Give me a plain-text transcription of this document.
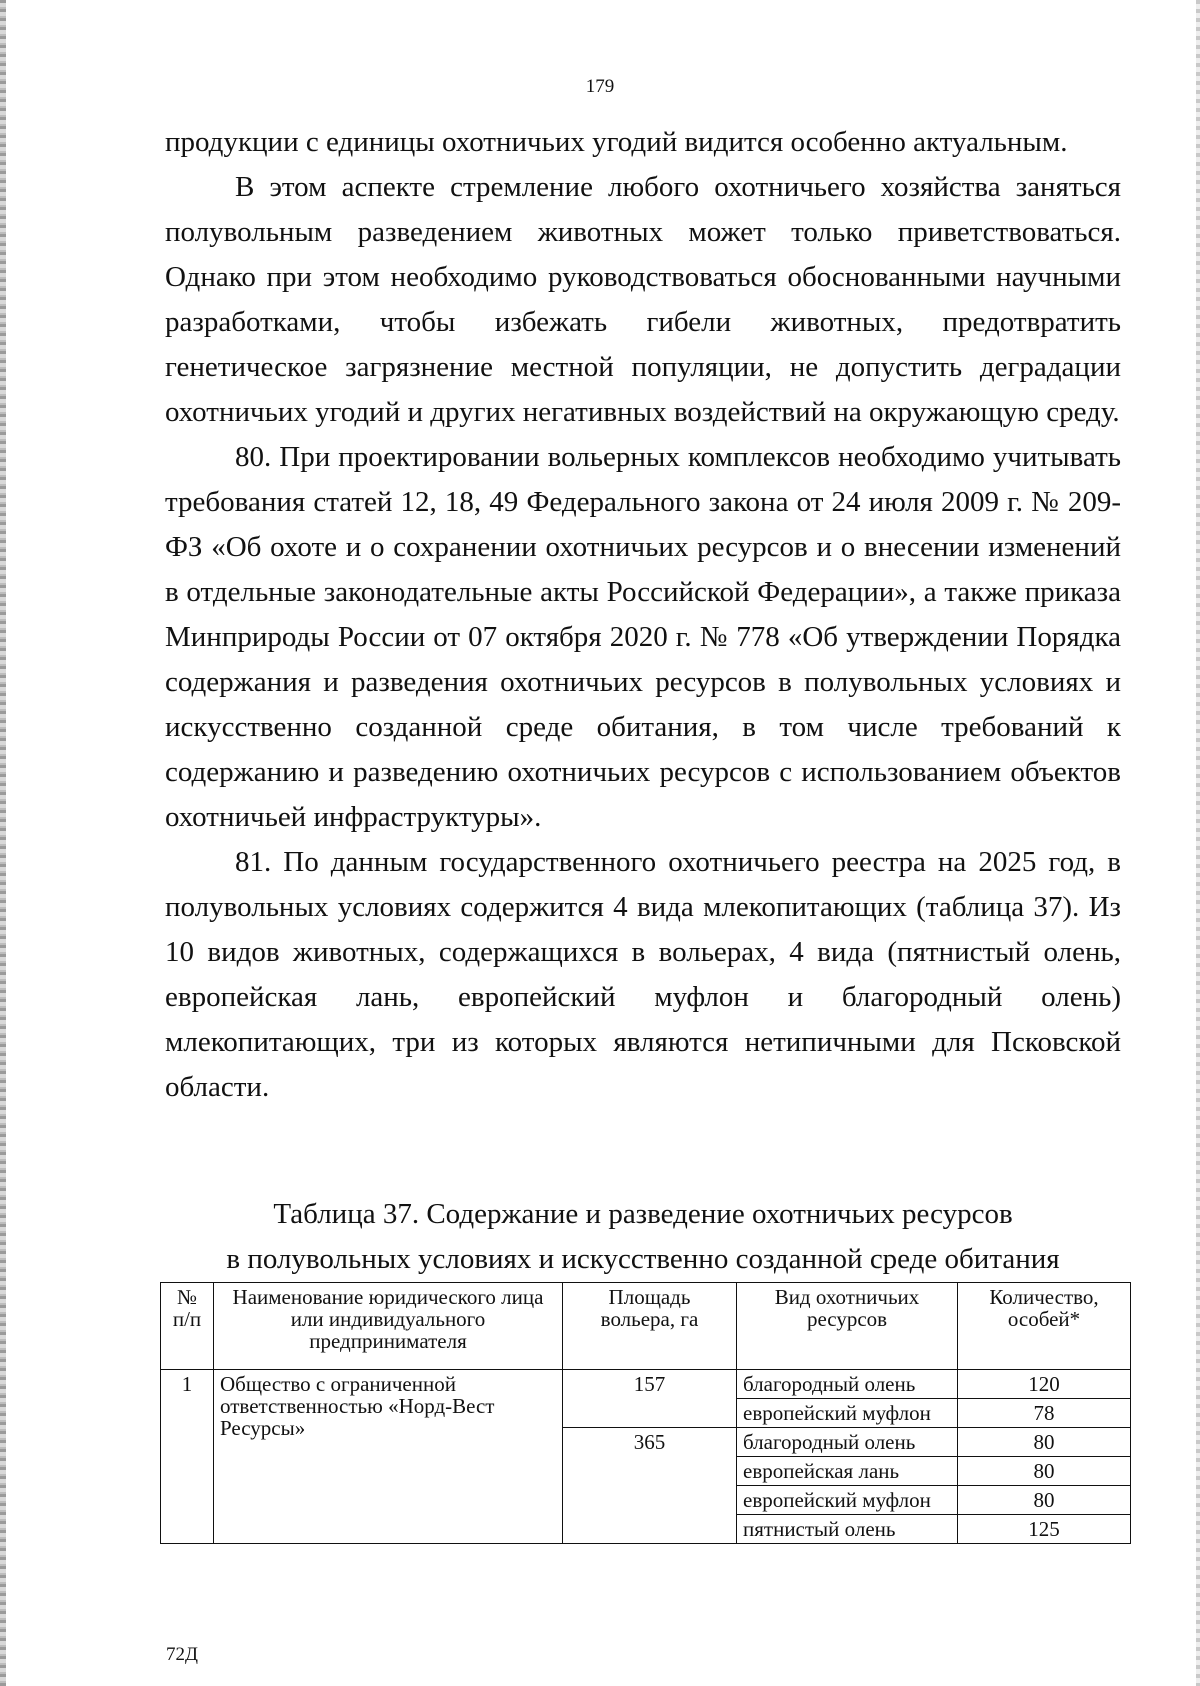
179

продукции с единицы охотничьих угодий видится особенно актуальным.

В этом аспекте стремление любого охотничьего хозяйства заняться полувольным разведением животных может только приветствоваться. Однако при этом необходимо руководствоваться обоснованными научными разработками, чтобы избежать гибели животных, предотвратить генетическое загрязнение местной популяции, не допустить деградации охотничьих угодий и других негативных воздействий на окружающую среду.

80. При проектировании вольерных комплексов необходимо учитывать требования статей 12, 18, 49 Федерального закона от 24 июля 2009 г. № 209-ФЗ «Об охоте и о сохранении охотничьих ресурсов и о внесении изменений в отдельные законодательные акты Российской Федерации», а также приказа Минприроды России от 07 октября 2020 г. № 778 «Об утверждении Порядка содержания и разведения охотничьих ресурсов в полувольных условиях и искусственно созданной среде обитания, в том числе требований к содержанию и разведению охотничьих ресурсов с использованием объектов охотничьей инфраструктуры».

81. По данным государственного охотничьего реестра на 2025 год, в полувольных условиях содержится 4 вида млекопитающих (таблица 37). Из 10 видов животных, содержащихся в вольерах, 4 вида (пятнистый олень, европейская лань, европейский муфлон и благородный олень) млекопитающих, три из которых являются нетипичными для Псковской области.

Таблица 37. Содержание и разведение охотничьих ресурсов
в полувольных условиях и искусственно созданной среде обитания
№ п/п	Наименование юридического лица или индивидуального предпринимателя	Площадь вольера, га	Вид охотничьих ресурсов	Количество, особей*
1	Общество с ограниченной ответственностью «Норд-Вест Ресурсы»	157	благородный олень	120
			европейский муфлон	78
		365	благородный олень	80
			европейская лань	80
			европейский муфлон	80
			пятнистый олень	125
72Д
